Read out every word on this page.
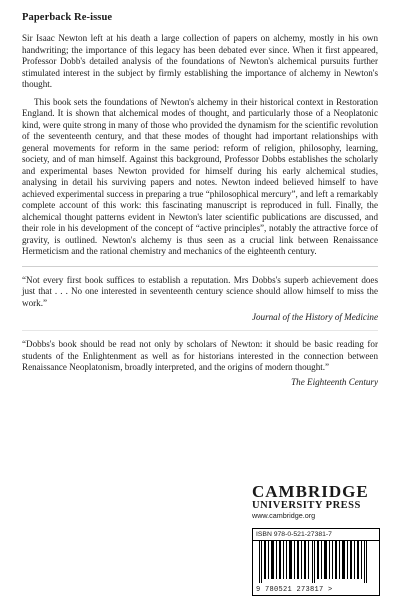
Paperback Re-issue

Sir Isaac Newton left at his death a large collection of papers on alchemy, mostly in his own handwriting; the importance of this legacy has been debated ever since. When it first appeared, Professor Dobb's detailed analysis of the foundations of Newton's alchemical pursuits further stimulated interest in the subject by firmly establishing the importance of alchemy in Newton's thought.

This book sets the foundations of Newton's alchemy in their historical context in Restoration England. It is shown that alchemical modes of thought, and particularly those of a Neoplatonic kind, were quite strong in many of those who provided the dynamism for the scientific revolution of the seventeenth century, and that these modes of thought had important relationships with general movements for reform in the same period: reform of religion, philosophy, learning, society, and of man himself. Against this background, Professor Dobbs establishes the scholarly and experimental bases Newton provided for himself during his early alchemical studies, analysing in detail his surviving papers and notes. Newton indeed believed himself to have achieved experimental success in preparing a true “philosophical mercury”, and left a remarkably complete account of this work: this fascinating manuscript is reproduced in full. Finally, the alchemical thought patterns evident in Newton's later scientific publications are discussed, and their role in his development of the concept of “active principles”, notably the attractive force of gravity, is outlined. Newton's alchemy is thus seen as a crucial link between Renaissance Hermeticism and the rational chemistry and mechanics of the eighteenth century.

“Not every first book suffices to establish a reputation. Mrs Dobbs's superb achievement does just that . . . No one interested in seventeenth century science should allow himself to miss the work.”

Journal of the History of Medicine

“Dobbs's book should be read not only by scholars of Newton: it should be basic reading for students of the Enlightenment as well as for historians interested in the connection between Renaissance Neoplatonism, broadly interpreted, and the origins of modern thought.”

The Eighteenth Century

CAMBRIDGE
UNIVERSITY PRESS
www.cambridge.org
ISBN 978-0-521-27381-7
9 780521 273817 >
